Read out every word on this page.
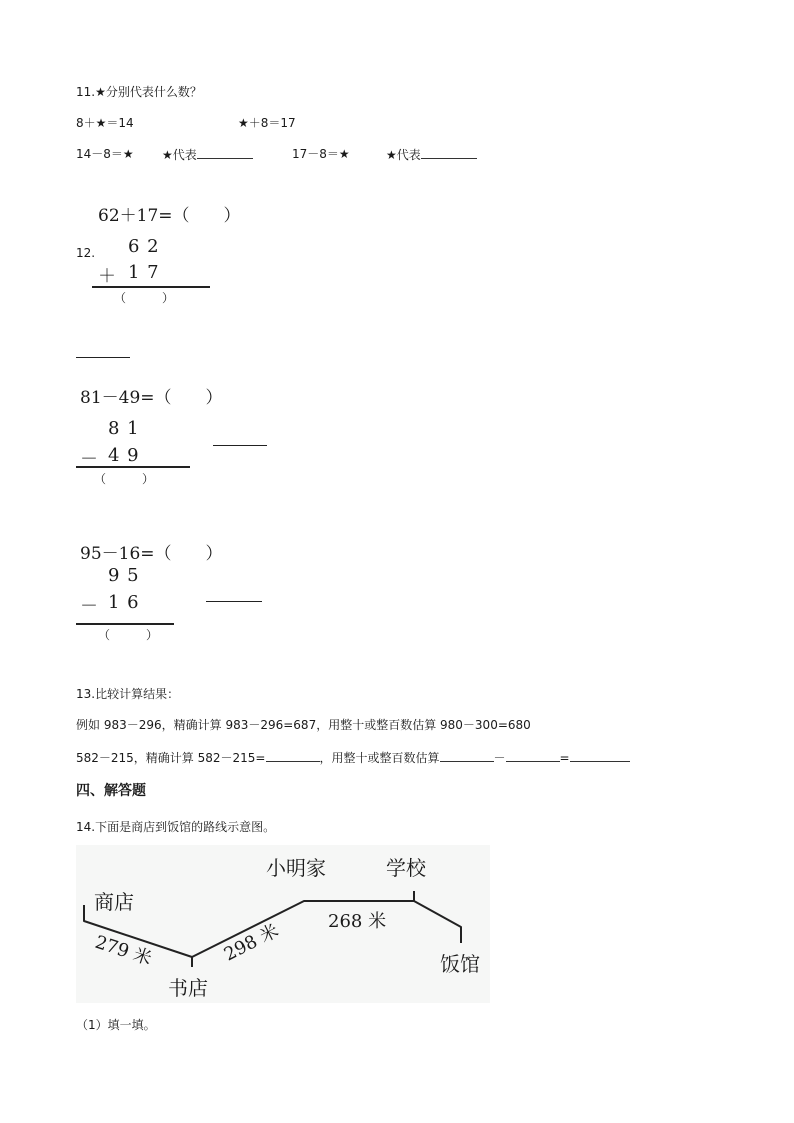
11.★分别代表什么数？
8＋★＝14	★＋8＝17
14－8＝★ ★代表	17－8＝★	★代表
62＋17=（　　）
12. 6 2
＋ 1 7
（　　　）
81－49=（　　）
8 1
－ 4 9
（　　　）
95－16=（　　）
9 5
－ 1 6
（　　　）
13.比较计算结果：
例如 983－296，精确计算 983－296=687，用整十或整百数估算 980－300=680
582－215，精确计算 582－215=	，用整十或整百数估算	－	=
四、解答题
14.下面是商店到饭馆的路线示意图。
商店
书店
小明家	学校
饭馆
279 米	298 米	268 米
（1）填一填。
